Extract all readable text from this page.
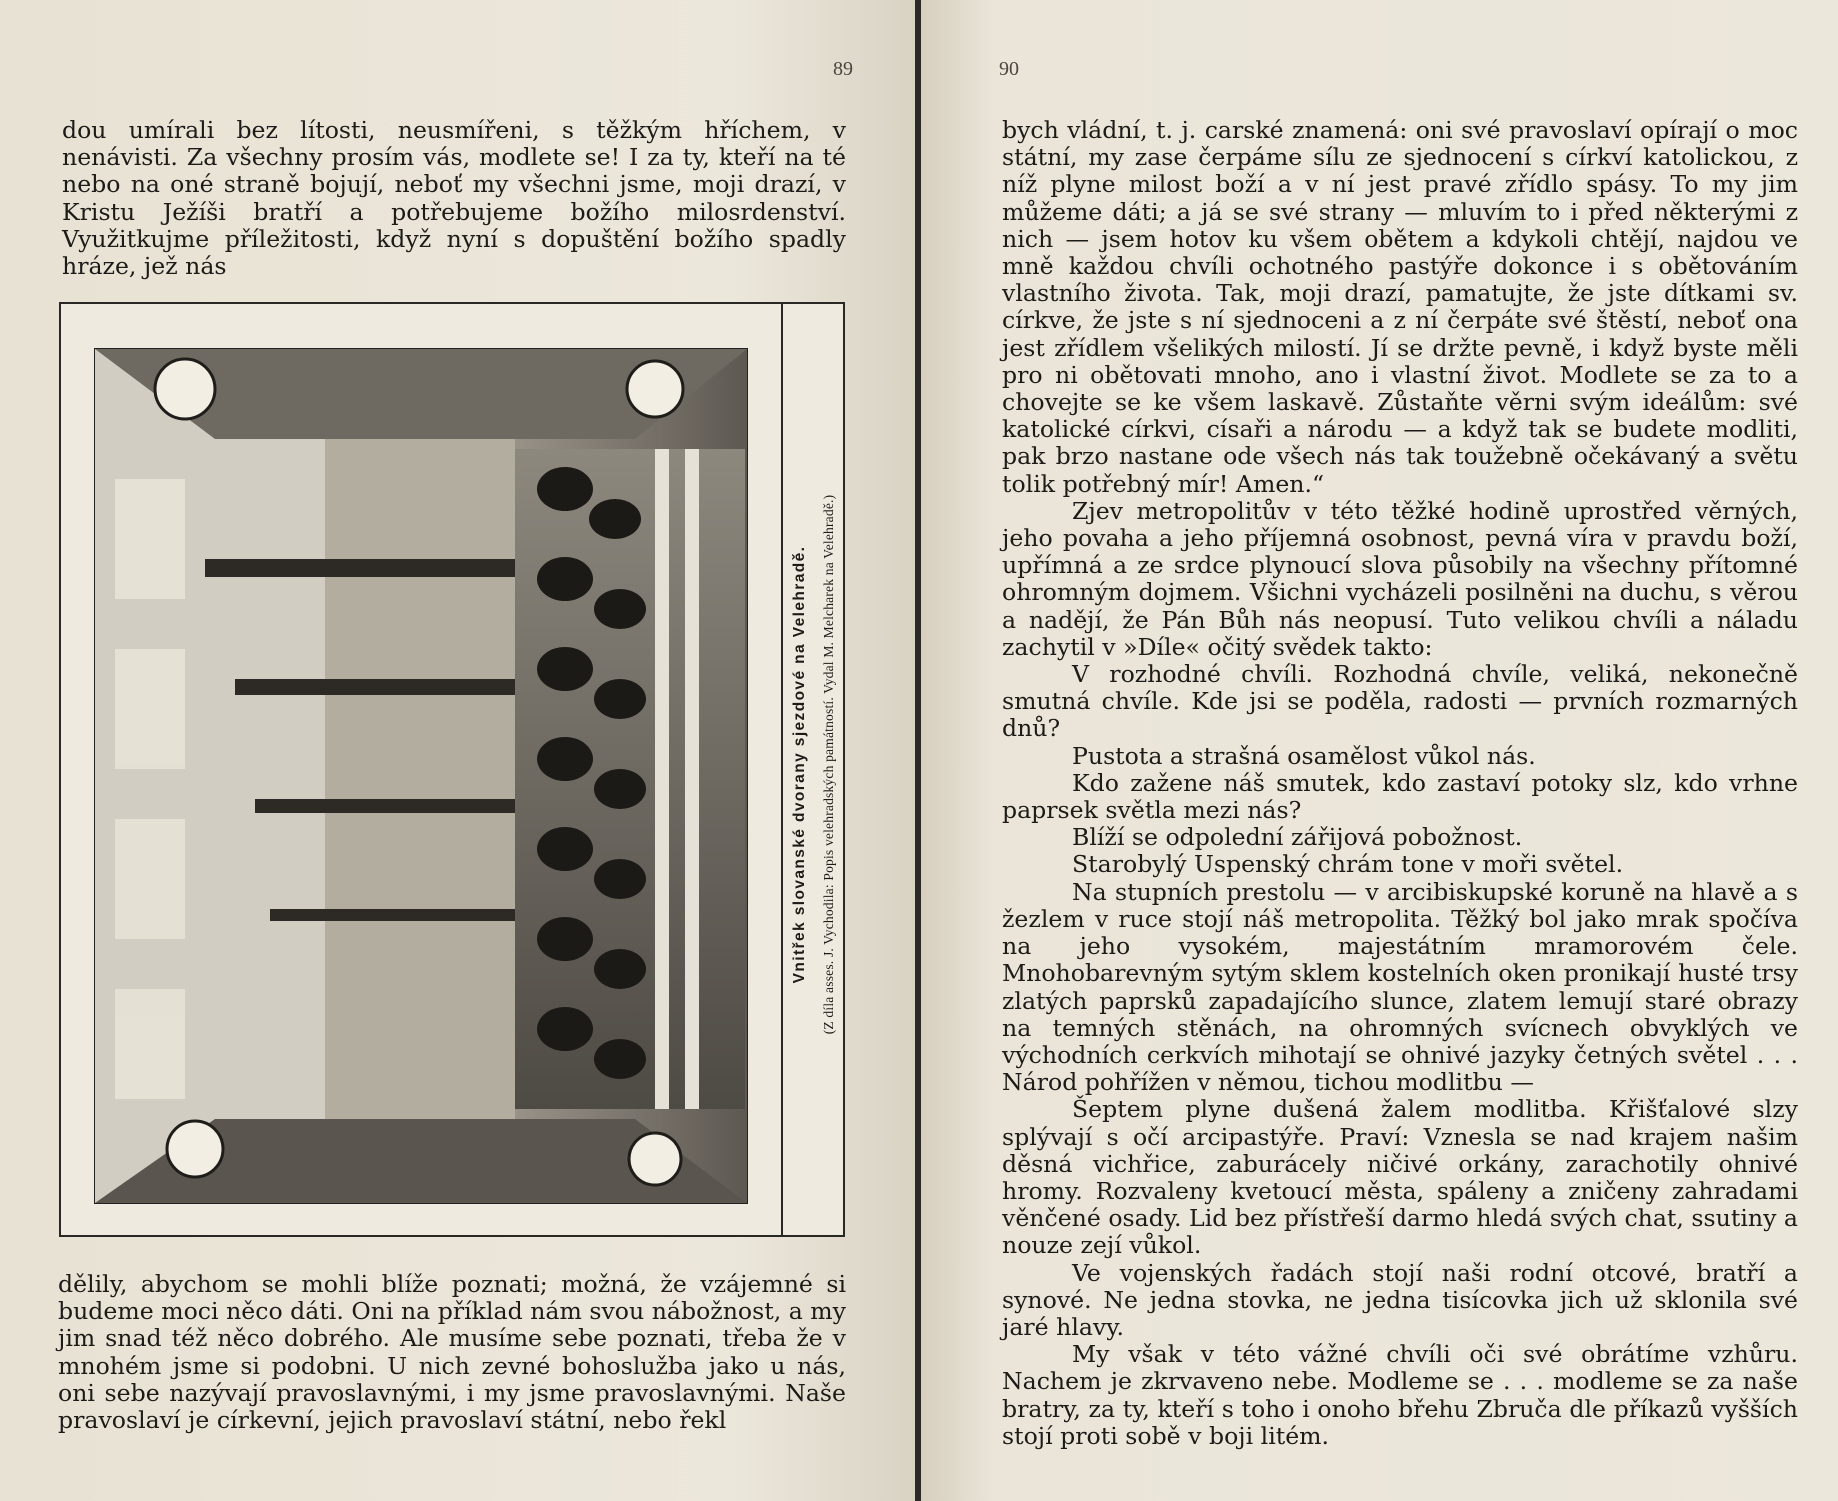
89

dou umírali bez lítosti, neusmířeni, s těžkým hříchem, v nenávisti. Za všechny prosím vás, modlete se! I za ty, kteří na té nebo na oné straně bojují, neboť my všechni jsme, moji drazí, v Kristu Ježíši bratří a potřebujeme božího milosrdenství. Využitkujme příležitosti, když nyní s dopuštění božího spadly hráze, jež nás

Vnitřek slovanské dvorany sjezdové na Velehradě. (Z díla asses. J. Vychodila: Popis velehradských památností. Vydal M. Melcharek na Velehradě.)

dělily, abychom se mohli blíže poznati; možná, že vzájemné si budeme moci něco dáti. Oni na příklad nám svou nábožnost, a my jim snad též něco dobrého. Ale musíme sebe poznati, třeba že v mnohém jsme si podobni. U nich zevné bohoslužba jako u nás, oni sebe nazývají pravoslavnými, i my jsme pravoslavnými. Naše pravoslaví je církevní, jejich pravoslaví státní, nebo řekl

90

bych vládní, t. j. carské znamená: oni své pravoslaví opírají o moc státní, my zase čerpáme sílu ze sjednocení s církví katolickou, z níž plyne milost boží a v ní jest pravé zřídlo spásy. To my jim můžeme dáti; a já se své strany — mluvím to i před některými z nich — jsem hotov ku všem obětem a kdykoli chtějí, najdou ve mně každou chvíli ochotného pastýře dokonce i s obětováním vlastního života. Tak, moji drazí, pamatujte, že jste dítkami sv. církve, že jste s ní sjednoceni a z ní čerpáte své štěstí, neboť ona jest zřídlem všelikých milostí. Jí se držte pevně, i když byste měli pro ni obětovati mnoho, ano i vlastní život. Modlete se za to a chovejte se ke všem laskavě. Zůstaňte věrni svým ideálům: své katolické církvi, císaři a národu — a když tak se budete modliti, pak brzo nastane ode všech nás tak toužebně očekávaný a světu tolik potřebný mír! Amen.“

Zjev metropolitův v této těžké hodině uprostřed věrných, jeho povaha a jeho příjemná osobnost, pevná víra v pravdu boží, upřímná a ze srdce plynoucí slova působily na všechny přítomné ohromným dojmem. Všichni vycházeli posilněni na duchu, s věrou a nadějí, že Pán Bůh nás neopusí. Tuto velikou chvíli a náladu zachytil v »Díle« očitý svědek takto:

V rozhodné chvíli. Rozhodná chvíle, veliká, nekonečně smutná chvíle. Kde jsi se poděla, radosti — prvních rozmarných dnů?

Pustota a strašná osamělost vůkol nás.

Kdo zažene náš smutek, kdo zastaví potoky slz, kdo vrhne paprsek světla mezi nás?

Blíží se odpolední zářijová pobožnost.

Starobylý Uspenský chrám tone v moři světel.

Na stupních prestolu — v arcibiskupské koruně na hlavě a s žezlem v ruce stojí náš metropolita. Těžký bol jako mrak spočíva na jeho vysokém, majestátním mramorovém čele. Mnohobarevným sytým sklem kostelních oken pronikají husté trsy zlatých paprsků zapadajícího slunce, zlatem lemují staré obrazy na temných stěnách, na ohromných svícnech obvyklých ve východních cerkvích mihotají se ohnivé jazyky četných světel . . . Národ pohřížen v němou, tichou modlitbu —

Šeptem plyne dušená žalem modlitba. Křišťalové slzy splývají s očí arcipastýře. Praví: Vznesla se nad krajem našim děsná vichřice, zaburácely ničivé orkány, zarachotily ohnivé hromy. Rozvaleny kvetoucí města, spáleny a zničeny zahradami věnčené osady. Lid bez přístřeší darmo hledá svých chat, ssutiny a nouze zejí vůkol.

Ve vojenských řadách stojí naši rodní otcové, bratří a synové. Ne jedna stovka, ne jedna tisícovka jich už sklonila své jaré hlavy.

My však v této vážné chvíli oči své obrátíme vzhůru. Nachem je zkrvaveno nebe. Modleme se . . . modleme se za naše bratry, za ty, kteří s toho i onoho břehu Zbruča dle příkazů vyšších stojí proti sobě v boji litém.
